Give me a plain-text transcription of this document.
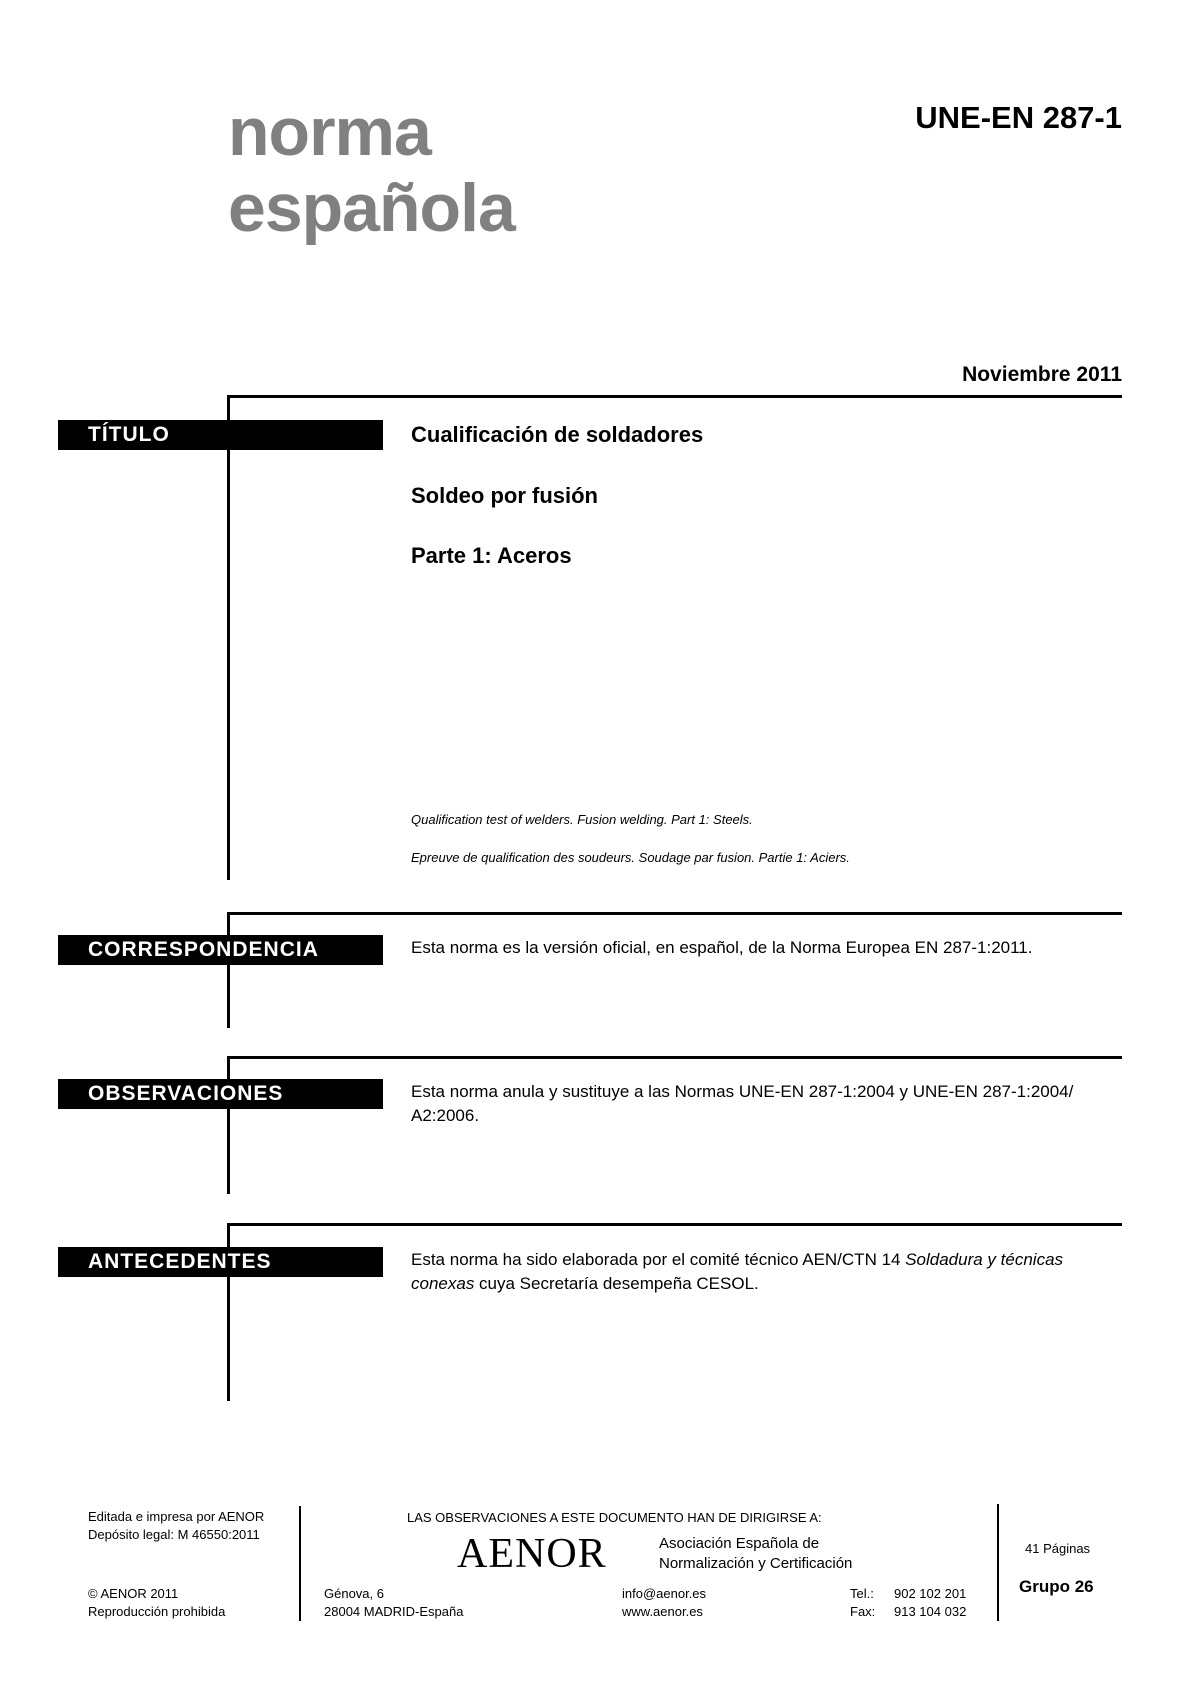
norma
española
UNE-EN 287-1
Noviembre 2011
TÍTULO	Cualificación de soldadores
Soldeo por fusión
Parte 1: Aceros
Qualification test of welders. Fusion welding. Part 1: Steels.
Epreuve de qualification des soudeurs. Soudage par fusion. Partie 1: Aciers.
CORRESPONDENCIA	Esta norma es la versión oficial, en español, de la Norma Europea EN 287-1:2011.
OBSERVACIONES	Esta norma anula y sustituye a las Normas UNE-EN 287-1:2004 y UNE-EN 287-1:2004/ A2:2006.
ANTECEDENTES	Esta norma ha sido elaborada por el comité técnico AEN/CTN 14 Soldadura y técnicas conexas cuya Secretaría desempeña CESOL.
Editada e impresa por AENOR
Depósito legal: M 46550:2011
© AENOR 2011
Reproducción prohibida
LAS OBSERVACIONES A ESTE DOCUMENTO HAN DE DIRIGIRSE A:
AENOR	Asociación Española de
Normalización y Certificación
Génova, 6
28004 MADRID-España
info@aenor.es
www.aenor.es
Tel.: 902 102 201
Fax: 913 104 032
41 Páginas
Grupo 26
